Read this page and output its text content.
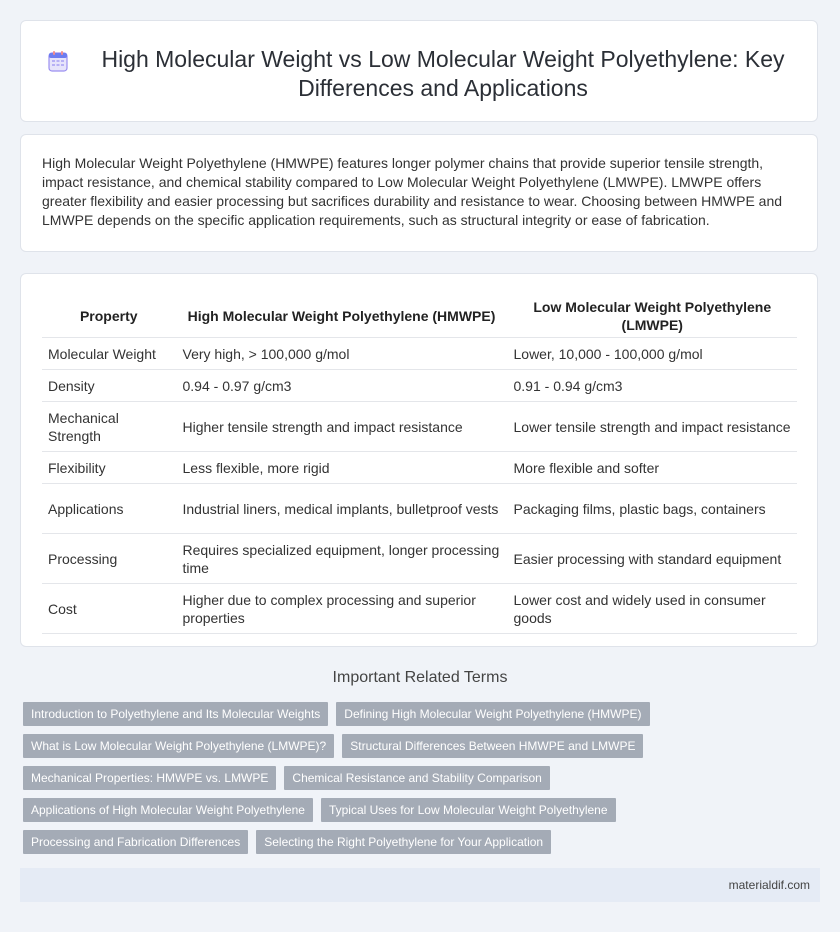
High Molecular Weight vs Low Molecular Weight Polyethylene: Key Differences and Applications

High Molecular Weight Polyethylene (HMWPE) features longer polymer chains that provide superior tensile strength, impact resistance, and chemical stability compared to Low Molecular Weight Polyethylene (LMWPE). LMWPE offers greater flexibility and easier processing but sacrifices durability and resistance to wear. Choosing between HMWPE and LMWPE depends on the specific application requirements, such as structural integrity or ease of fabrication.

Property	High Molecular Weight Polyethylene (HMWPE)	Low Molecular Weight Polyethylene (LMWPE)
Molecular Weight	Very high, > 100,000 g/mol	Lower, 10,000 - 100,000 g/mol
Density	0.94 - 0.97 g/cm3	0.91 - 0.94 g/cm3
Mechanical Strength	Higher tensile strength and impact resistance	Lower tensile strength and impact resistance
Flexibility	Less flexible, more rigid	More flexible and softer
Applications	Industrial liners, medical implants, bulletproof vests	Packaging films, plastic bags, containers
Processing	Requires specialized equipment, longer processing time	Easier processing with standard equipment
Cost	Higher due to complex processing and superior properties	Lower cost and widely used in consumer goods
Important Related Terms
Introduction to Polyethylene and Its Molecular Weights	Defining High Molecular Weight Polyethylene (HMWPE)
What is Low Molecular Weight Polyethylene (LMWPE)?	Structural Differences Between HMWPE and LMWPE
Mechanical Properties: HMWPE vs. LMWPE	Chemical Resistance and Stability Comparison
Applications of High Molecular Weight Polyethylene	Typical Uses for Low Molecular Weight Polyethylene
Processing and Fabrication Differences	Selecting the Right Polyethylene for Your Application
materialdif.com
